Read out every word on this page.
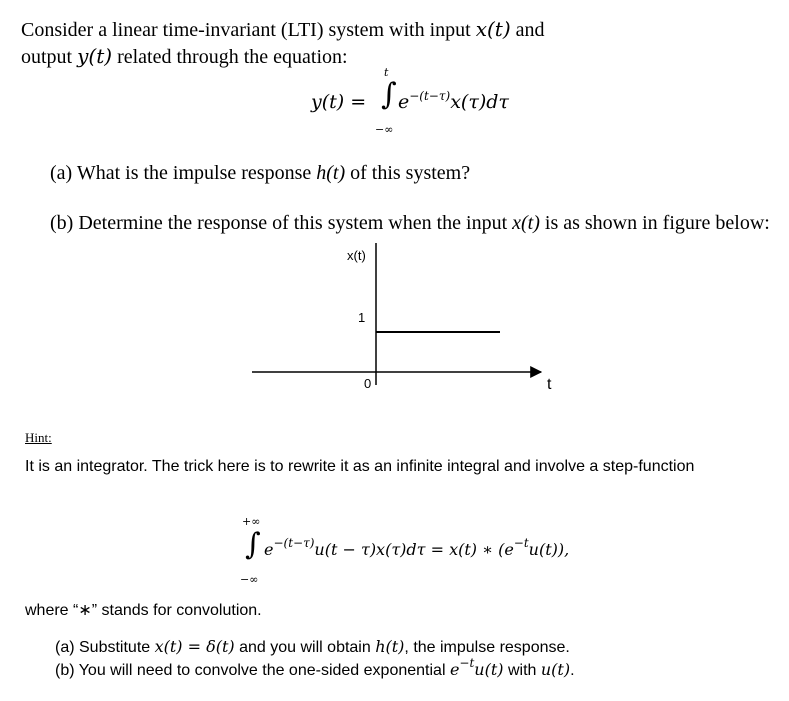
Consider a linear time-invariant (LTI) system with input x(t) and
output y(t) related through the equation:
y(t) =
t
∫
−∞
$e^{-(t-\tau)}x(\tau)d\tau$
(a) What is the impulse response h(t) of this system?
(b) Determine the response of this system when the input x(t) is as shown in figure below:
x(t)
1
0	t
Hint:
It is an integrator. The trick here is to rewrite it as an infinite integral and involve a step-function
+∞
∫
−∞
$e^{-(t-\tau)}u(t - \tau)x(\tau)d\tau = x(t)$ ∗ $(e^{-t}u(t))$,
where “∗” stands for convolution.
(a) Substitute x(t) = δ(t) and you will obtain h(t), the impulse response.
(b) You will need to convolve the one-sided exponential $e^{-t}u(t)$ with u(t).
